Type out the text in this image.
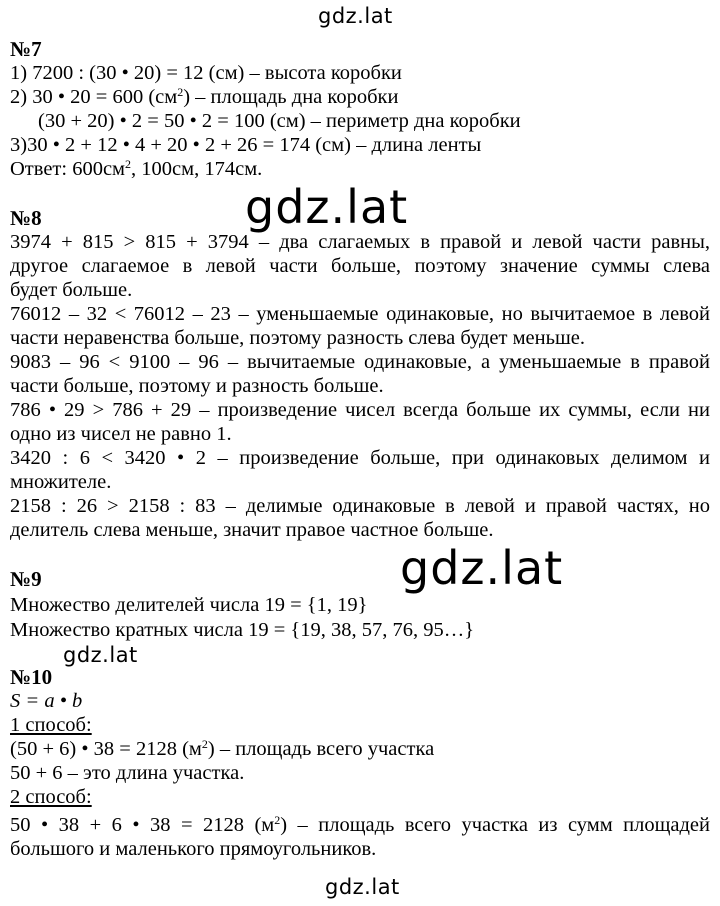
№7
1) 7200 : (30 • 20) = 12 (см) – высота коробки
2) 30 • 20 = 600 $(см^2)$ – площадь дна коробки
(30 + 20) • 2 = 50 • 2 = 100 (см) – периметр дна коробки
3)30 • 2 + 12 • 4 + 20 • 2 + 26 = 174 (см) – длина ленты
Ответ: $600см^2$, 100см, 174см.
№8
3974 + 815 > 815 + 3794 – два слагаемых в правой и левой части равны,
другое слагаемое в левой части больше, поэтому значение суммы слева
будет больше.
76012 – 32 < 76012 – 23 – уменьшаемые одинаковые, но вычитаемое в левой
части неравенства больше, поэтому разность слева будет меньше.
9083 – 96 < 9100 – 96 – вычитаемые одинаковые, а уменьшаемые в правой
части больше, поэтому и разность больше.
786 • 29 > 786 + 29 – произведение чисел всегда больше их суммы, если ни
одно из чисел не равно 1.
3420 : 6 < 3420 • 2 – произведение больше, при одинаковых делимом и
множителе.
2158 : 26 > 2158 : 83 – делимые одинаковые в левой и правой частях, но
делитель слева меньше, значит правое частное больше.
№9
Множество делителей числа 19 = {1, 19}
Множество кратных числа 19 = {19, 38, 57, 76, 95…}
№10
S = a • b
1 способ:
(50 + 6) • 38 = 2128 $(м^2)$ – площадь всего участка
50 + 6 – это длина участка.
2 способ:
50 • 38 + 6 • 38 = 2128 $(м^2)$ – площадь всего участка из сумм площадей
большого и маленького прямоугольников.
gdz.lat
gdz.lat
gdz.lat
gdz.lat
gdz.lat
